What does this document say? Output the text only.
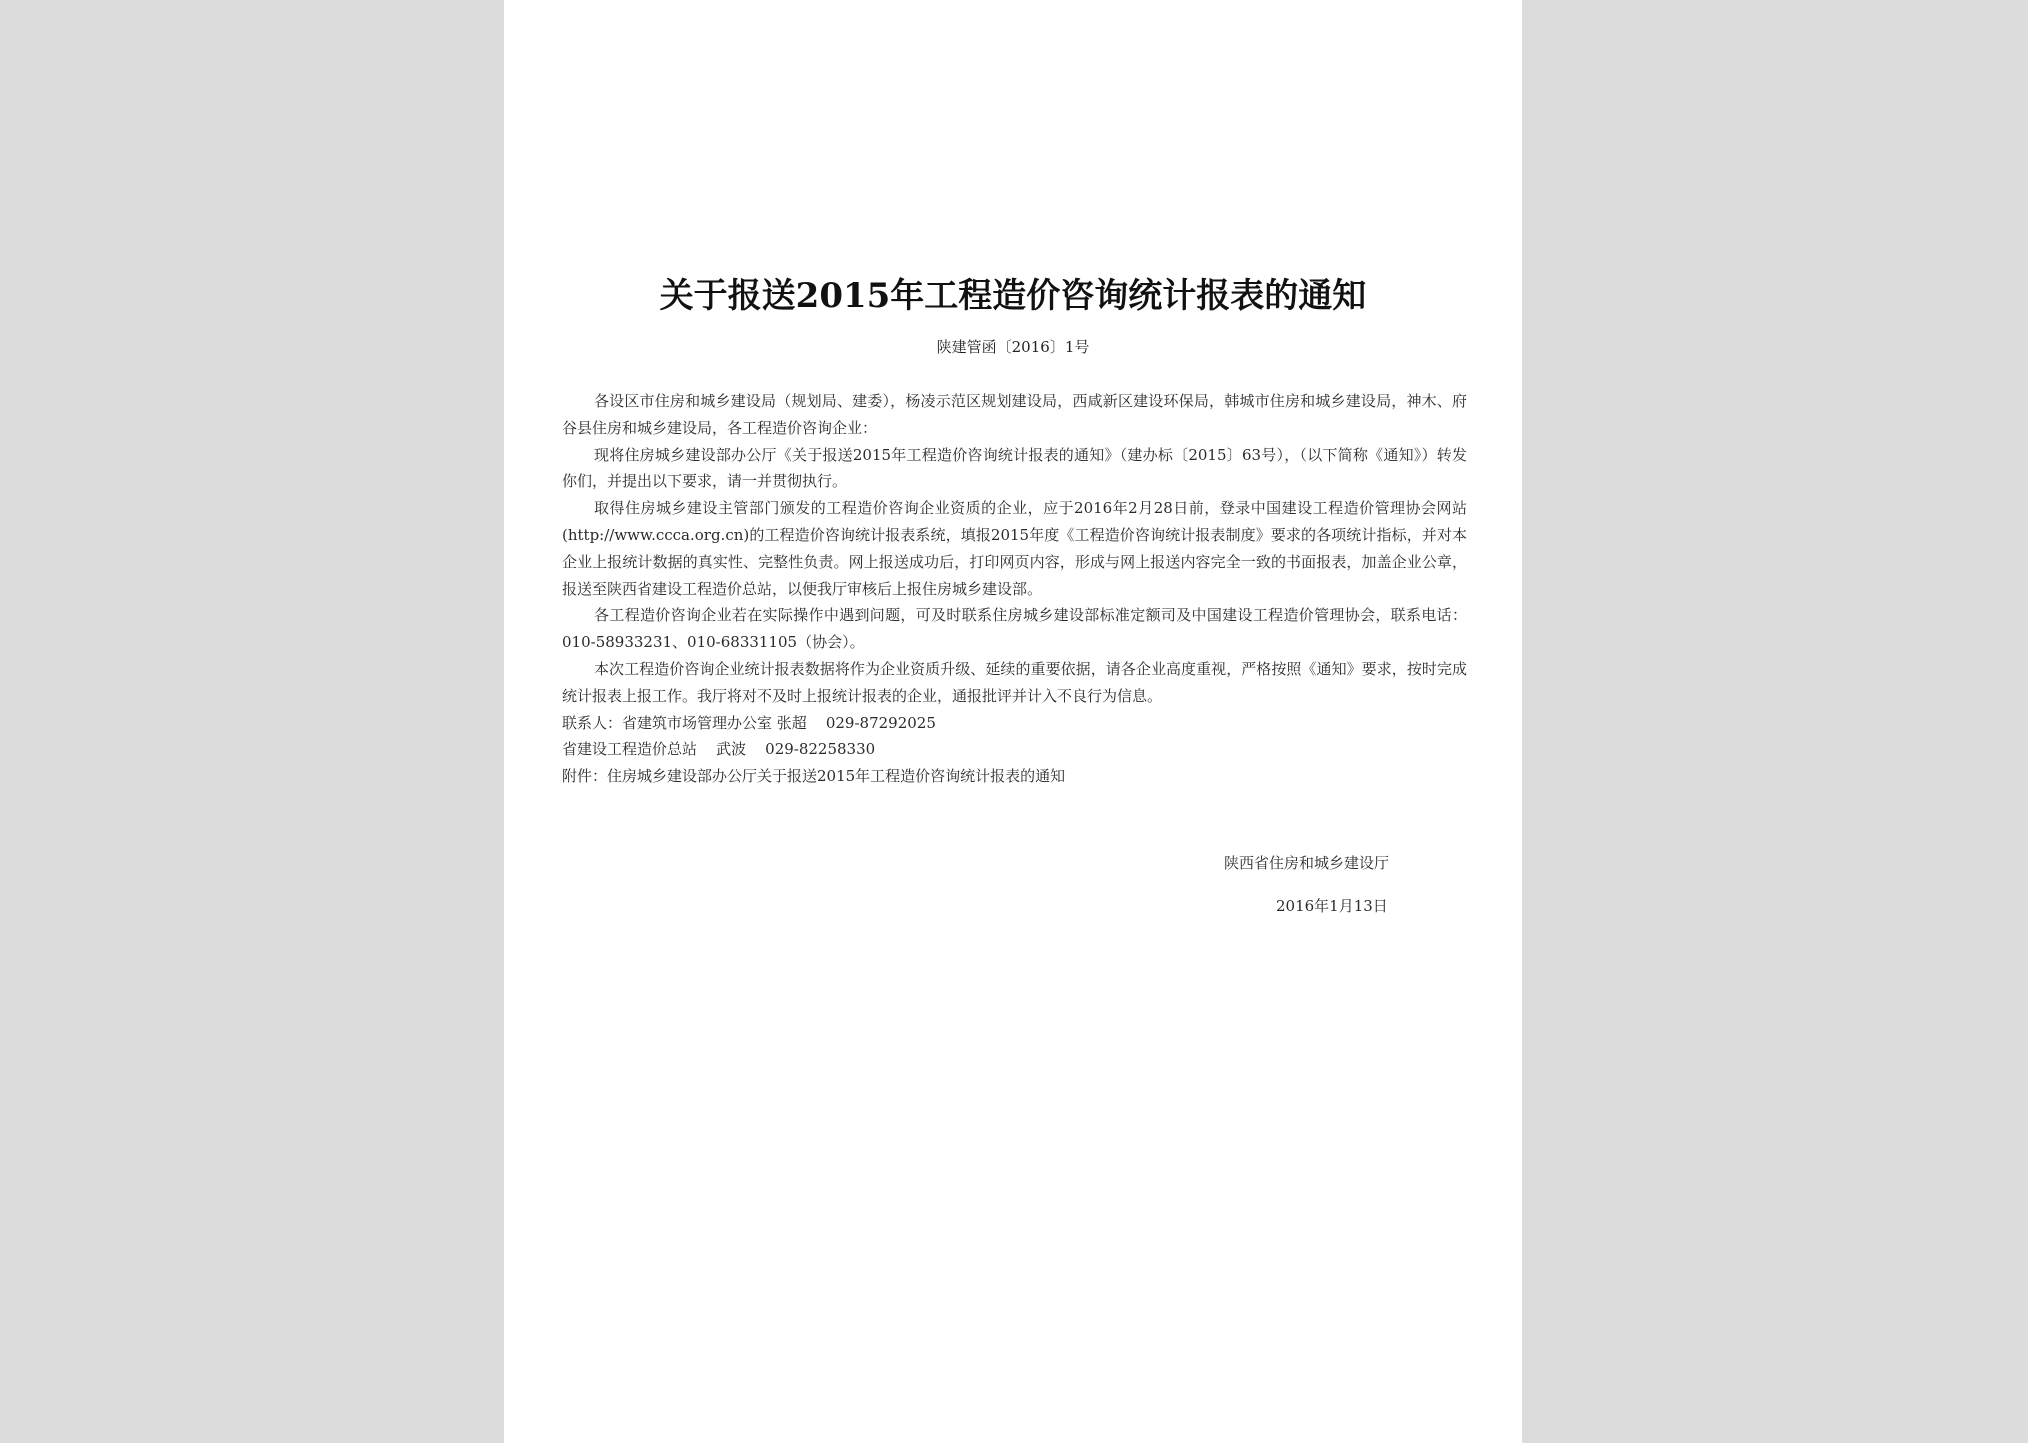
关于报送2015年工程造价咨询统计报表的通知
陕建管函〔2016〕1号

各设区市住房和城乡建设局（规划局、建委），杨凌示范区规划建设局，西咸新区建设环保局，韩城市住房和城乡建设局，神木、府谷县住房和城乡建设局，各工程造价咨询企业：

现将住房城乡建设部办公厅《关于报送2015年工程造价咨询统计报表的通知》（建办标〔2015〕63号），（以下简称《通知》）转发你们，并提出以下要求，请一并贯彻执行。

取得住房城乡建设主管部门颁发的工程造价咨询企业资质的企业，应于2016年2月28日前，登录中国建设工程造价管理协会网站(http://www.ccca.org.cn)的工程造价咨询统计报表系统，填报2015年度《工程造价咨询统计报表制度》要求的各项统计指标，并对本企业上报统计数据的真实性、完整性负责。网上报送成功后，打印网页内容，形成与网上报送内容完全一致的书面报表，加盖企业公章，报送至陕西省建设工程造价总站，以便我厅审核后上报住房城乡建设部。

各工程造价咨询企业若在实际操作中遇到问题，可及时联系住房城乡建设部标准定额司及中国建设工程造价管理协会，联系电话：010-58933231、010-68331105（协会）。

本次工程造价咨询企业统计报表数据将作为企业资质升级、延续的重要依据，请各企业高度重视，严格按照《通知》要求，按时完成统计报表上报工作。我厅将对不及时上报统计报表的企业，通报批评并计入不良行为信息。

联系人：省建筑市场管理办公室 张超    029-87292025

省建设工程造价总站    武波    029-82258330

附件：住房城乡建设部办公厅关于报送2015年工程造价咨询统计报表的通知

陕西省住房和城乡建设厅
2016年1月13日
